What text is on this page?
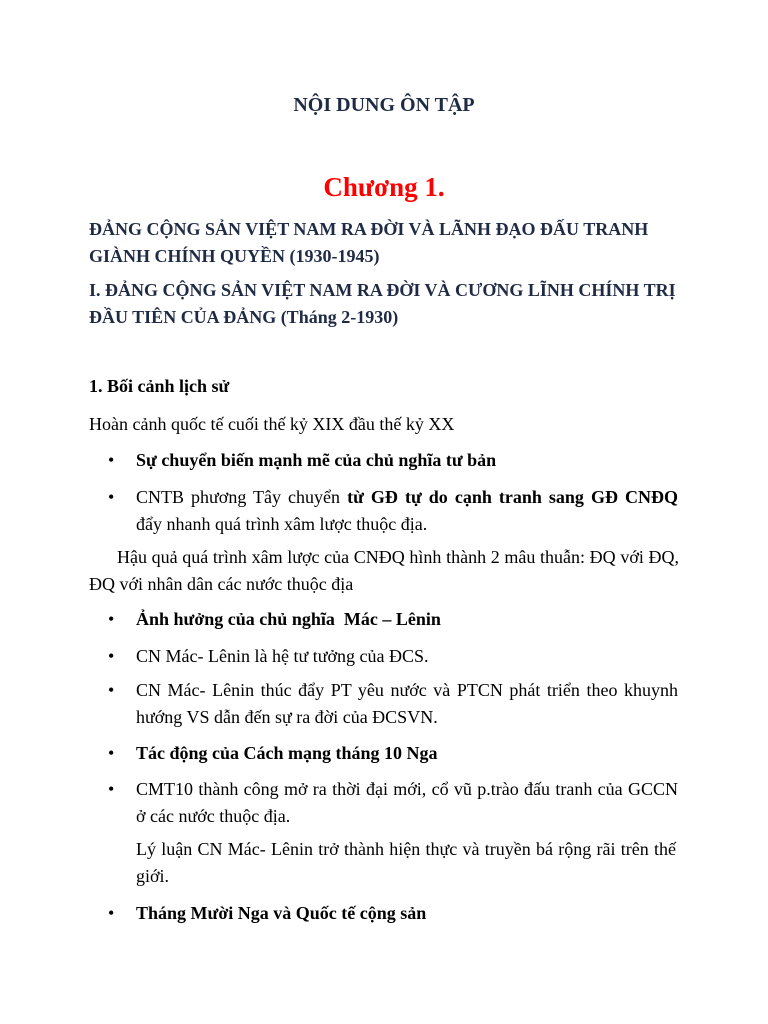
NỘI DUNG ÔN TẬP
Chương 1.
ĐẢNG CỘNG SẢN VIỆT NAM RA ĐỜI VÀ LÃNH ĐẠO ĐẤU TRANH GIÀNH CHÍNH QUYỀN (1930-1945)
I. ĐẢNG CỘNG SẢN VIỆT NAM RA ĐỜI VÀ CƯƠNG LĨNH CHÍNH TRỊ ĐẦU TIÊN CỦA ĐẢNG (Tháng 2-1930)
1. Bối cảnh lịch sử
Hoàn cảnh quốc tế cuối thế kỷ XIX đầu thế kỷ XX
• Sự chuyển biến mạnh mẽ của chủ nghĩa tư bản
• CNTB phương Tây chuyển từ GĐ tự do cạnh tranh sang GĐ CNĐQ đẩy nhanh quá trình xâm lược thuộc địa.
Hậu quả quá trình xâm lược của CNĐQ hình thành 2 mâu thuẫn: ĐQ với ĐQ, ĐQ với nhân dân các nước thuộc địa
• Ảnh hưởng của chủ nghĩa  Mác – Lênin
• CN Mác- Lênin là hệ tư tưởng của ĐCS.
• CN Mác- Lênin thúc đẩy PT yêu nước và PTCN phát triển theo khuynh hướng VS dẫn đến sự ra đời của ĐCSVN.
• Tác động của Cách mạng tháng 10 Nga
• CMT10 thành công mở ra thời đại mới, cổ vũ p.trào đấu tranh của GCCN ở các nước thuộc địa.
Lý luận CN Mác- Lênin trở thành hiện thực và truyền bá rộng rãi trên thế giới.
• Tháng Mười Nga và Quốc tế cộng sản
